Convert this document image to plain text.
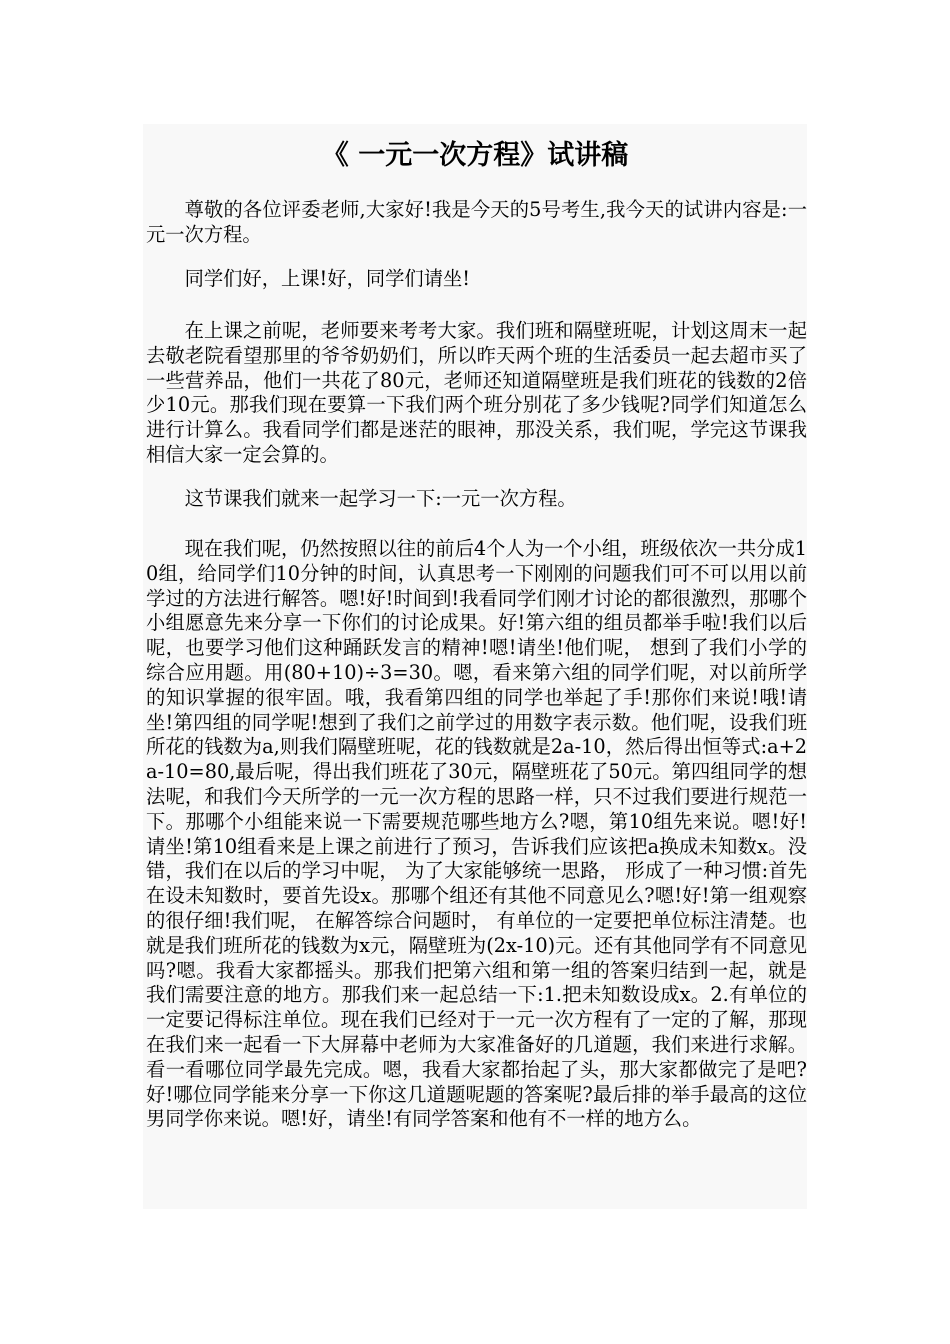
《 一元一次方程》试讲稿

尊敬的各位评委老师,大家好!我是今天的5号考生,我今天的试讲内容是:一元一次方程。

同学们好，上课!好，同学们请坐!

在上课之前呢，老师要来考考大家。我们班和隔壁班呢，计划这周末一起去敬老院看望那里的爷爷奶奶们，所以昨天两个班的生活委员一起去超市买了一些营养品，他们一共花了80元，老师还知道隔壁班是我们班花的钱数的2倍少10元。那我们现在要算一下我们两个班分别花了多少钱呢?同学们知道怎么进行计算么。我看同学们都是迷茫的眼神，那没关系，我们呢，学完这节课我相信大家一定会算的。

这节课我们就来一起学习一下:一元一次方程。

现在我们呢，仍然按照以往的前后4个人为一个小组，班级依次一共分成10组，给同学们10分钟的时间，认真思考一下刚刚的问题我们可不可以用以前学过的方法进行解答。嗯!好!时间到!我看同学们刚才讨论的都很激烈，那哪个小组愿意先来分享一下你们的讨论成果。好!第六组的组员都举手啦!我们以后呢，也要学习他们这种踊跃发言的精神!嗯!请坐!他们呢， 想到了我们小学的综合应用题。用(80+10)÷3=30。嗯，看来第六组的同学们呢，对以前所学的知识掌握的很牢固。哦，我看第四组的同学也举起了手!那你们来说!哦!请坐!第四组的同学呢!想到了我们之前学过的用数字表示数。他们呢，设我们班所花的钱数为a,则我们隔壁班呢，花的钱数就是2a-10，然后得出恒等式:a+2a-10=80,最后呢，得出我们班花了30元，隔壁班花了50元。第四组同学的想法呢，和我们今天所学的一元一次方程的思路一样，只不过我们要进行规范一下。那哪个小组能来说一下需要规范哪些地方么?嗯，第10组先来说。嗯!好!请坐!第10组看来是上课之前进行了预习，告诉我们应该把a换成未知数x。没错，我们在以后的学习中呢， 为了大家能够统一思路， 形成了一种习惯:首先在设未知数时，要首先设x。那哪个组还有其他不同意见么?嗯!好!第一组观察的很仔细!我们呢， 在解答综合问题时， 有单位的一定要把单位标注清楚。也就是我们班所花的钱数为x元，隔壁班为(2x-10)元。还有其他同学有不同意见吗?嗯。我看大家都摇头。那我们把第六组和第一组的答案归结到一起，就是我们需要注意的地方。那我们来一起总结一下:1.把未知数设成x。2.有单位的一定要记得标注单位。现在我们已经对于一元一次方程有了一定的了解，那现在我们来一起看一下大屏幕中老师为大家准备好的几道题，我们来进行求解。看一看哪位同学最先完成。嗯，我看大家都抬起了头，那大家都做完了是吧?好!哪位同学能来分享一下你这几道题呢题的答案呢?最后排的举手最高的这位男同学你来说。嗯!好，请坐!有同学答案和他有不一样的地方么。
